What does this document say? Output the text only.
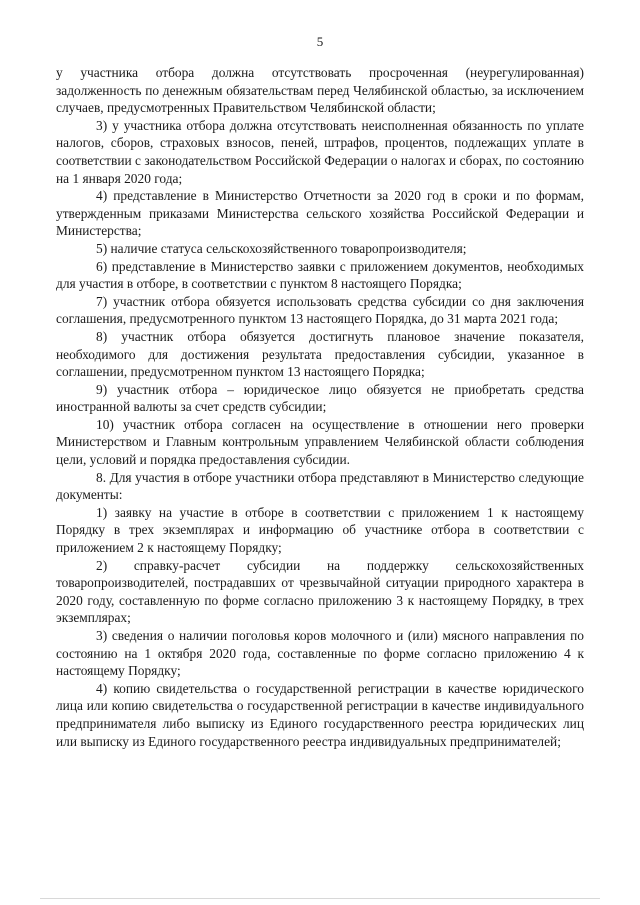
5

у участника отбора должна отсутствовать просроченная (неурегулированная) задолженность по денежным обязательствам перед Челябинской областью, за исключением случаев, предусмотренных Правительством Челябинской области;

3) у участника отбора должна отсутствовать неисполненная обязанность по уплате налогов, сборов, страховых взносов, пеней, штрафов, процентов, подлежащих уплате в соответствии с законодательством Российской Федерации о налогах и сборах, по состоянию на 1 января 2020 года;

4) представление в Министерство Отчетности за 2020 год в сроки и по формам, утвержденным приказами Министерства сельского хозяйства Российской Федерации и Министерства;

5) наличие статуса сельскохозяйственного товаропроизводителя;

6) представление в Министерство заявки с приложением документов, необходимых для участия в отборе, в соответствии с пунктом 8 настоящего Порядка;

7) участник отбора обязуется использовать средства субсидии со дня заключения соглашения, предусмотренного пунктом 13 настоящего Порядка, до 31 марта 2021 года;

8) участник отбора обязуется достигнуть плановое значение показателя, необходимого для достижения результата предоставления субсидии, указанное в соглашении, предусмотренном пунктом 13 настоящего Порядка;

9) участник отбора – юридическое лицо обязуется не приобретать средства иностранной валюты за счет средств субсидии;

10) участник отбора согласен на осуществление в отношении него проверки Министерством и Главным контрольным управлением Челябинской области соблюдения цели, условий и порядка предоставления субсидии.

8. Для участия в отборе участники отбора представляют в Министерство следующие документы:

1) заявку на участие в отборе в соответствии с приложением 1 к настоящему Порядку в трех экземплярах и информацию об участнике отбора в соответствии с приложением 2 к настоящему Порядку;

2) справку-расчет субсидии на поддержку сельскохозяйственных товаропроизводителей, пострадавших от чрезвычайной ситуации природного характера в 2020 году, составленную по форме согласно приложению 3 к настоящему Порядку, в трех экземплярах;

3) сведения о наличии поголовья коров молочного и (или) мясного направления по состоянию на 1 октября 2020 года, составленные по форме согласно приложению 4 к настоящему Порядку;

4) копию свидетельства о государственной регистрации в качестве юридического лица или копию свидетельства о государственной регистрации в качестве индивидуального предпринимателя либо выписку из Единого государственного реестра юридических лиц или выписку из Единого государственного реестра индивидуальных предпринимателей;
